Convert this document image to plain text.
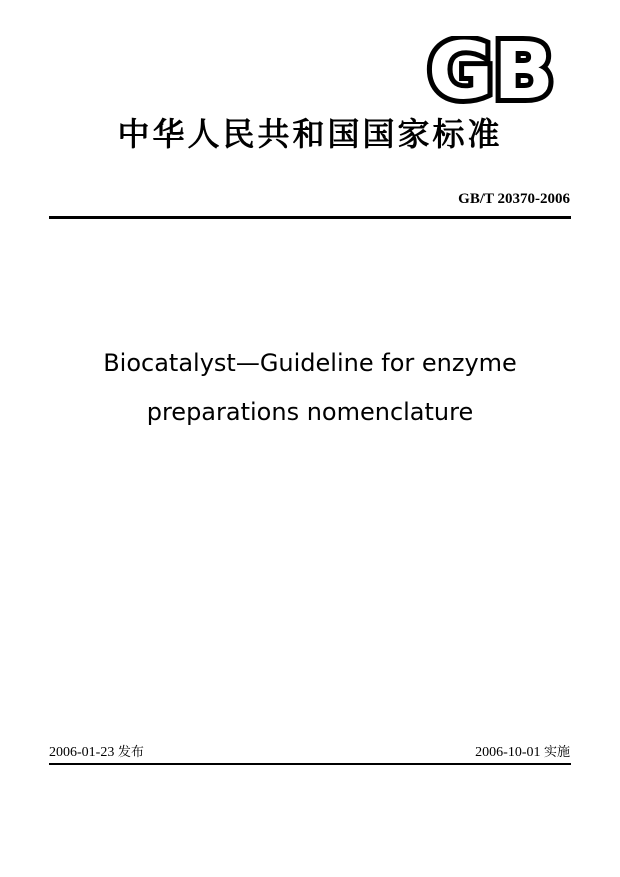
GB
中华人民共和国国家标准
GB/T 20370-2006
Biocatalyst—Guideline for enzyme
preparations nomenclature
2006-01-23 发布	2006-10-01 实施
